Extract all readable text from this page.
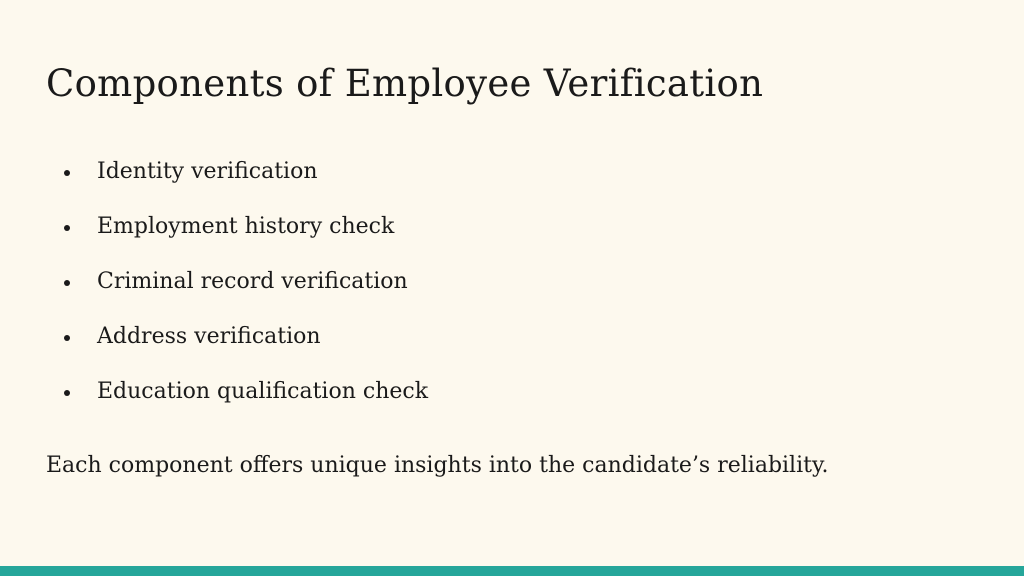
Components of Employee Verification
Identity verification
Employment history check
Criminal record verification
Address verification
Education qualification check

Each component offers unique insights into the candidate’s reliability.
